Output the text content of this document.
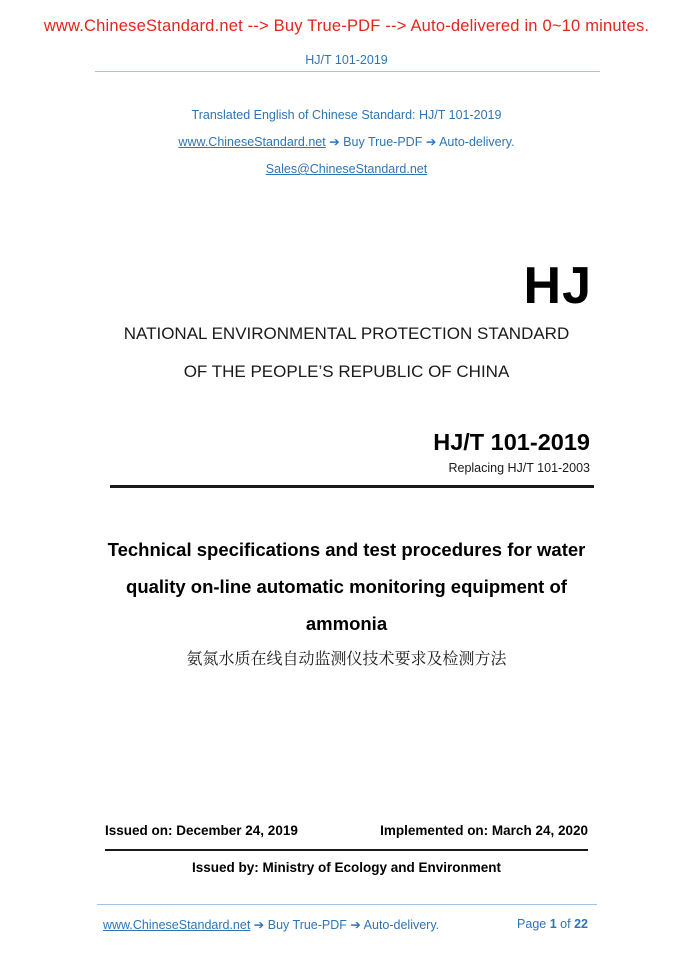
www.ChineseStandard.net --> Buy True-PDF --> Auto-delivered in 0~10 minutes.
HJ/T 101-2019
Translated English of Chinese Standard: HJ/T 101-2019
www.ChineseStandard.net ➔ Buy True-PDF ➔ Auto-delivery.
Sales@ChineseStandard.net
HJ
NATIONAL ENVIRONMENTAL PROTECTION STANDARD
OF THE PEOPLE’S REPUBLIC OF CHINA
HJ/T 101-2019
Replacing HJ/T 101-2003
Technical specifications and test procedures for water
quality on-line automatic monitoring equipment of
ammonia
氨氮水质在线自动监测仪技术要求及检测方法
Issued on: December 24, 2019	Implemented on: March 24, 2020
Issued by: Ministry of Ecology and Environment
www.ChineseStandard.net ➔ Buy True-PDF ➔ Auto-delivery.	Page 1 of 22
